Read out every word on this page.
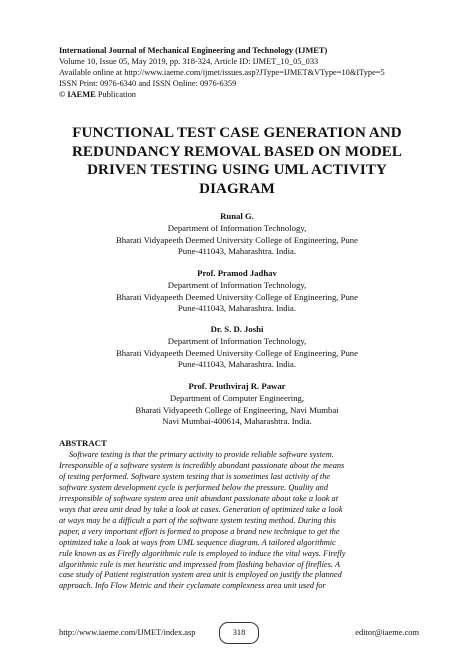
International Journal of Mechanical Engineering and Technology (IJMET)
Volume 10, Issue 05, May 2019, pp. 318-324, Article ID: IJMET_10_05_033
Available online at http://www.iaeme.com/ijmet/issues.asp?JType=IJMET&VType=10&IType=5
ISSN Print: 0976-6340 and ISSN Online: 0976-6359
© IAEME Publication
FUNCTIONAL TEST CASE GENERATION AND
REDUNDANCY REMOVAL BASED ON MODEL
DRIVEN TESTING USING UML ACTIVITY
DIAGRAM
Runal G.
Department of Information Technology,
Bharati Vidyapeeth Deemed University College of Engineering, Pune
Pune-411043, Maharashtra. India.
Prof. Pramod Jadhav
Department of Information Technology,
Bharati Vidyapeeth Deemed University College of Engineering, Pune
Pune-411043, Maharashtra. India.
Dr. S. D. Joshi
Department of Information Technology,
Bharati Vidyapeeth Deemed University College of Engineering, Pune
Pune-411043, Maharashtra. India.
Prof. Pruthviraj R. Pawar
Department of Computer Engineering,
Bharati Vidyapeeth College of Engineering, Navi Mumbai
Navi Mumbai-400614, Maharashtra. India.
ABSTRACT
Software testing is that the primary activity to provide reliable software system.
Irresponsible of a software system is incredibly abundant passionate about the means
of testing performed. Software system testing that is sometimes last activity of the
software system development cycle is performed below the pressure. Quality and
irresponsible of software system area unit abundant passionate about take a look at
ways that area unit dead by take a look at cases. Generation of optimized take a look
at ways may be a difficult a part of the software system testing method. During this
paper, a very important effort is formed to propose a brand new technique to get the
optimized take a look at ways from UML sequence diagram. A tailored algorithmic
rule known as as Firefly algorithmic rule is employed to induce the vital ways. Firefly
algorithmic rule is met heuristic and impressed from flashing behavior of fireflies. A
case study of Patient registration system area unit is employed on justify the planned
approach. Info Flow Metric and their cyclamate complexness area unit used for
http://www.iaeme.com/IJMET/index.asp	318	editor@iaeme.com
